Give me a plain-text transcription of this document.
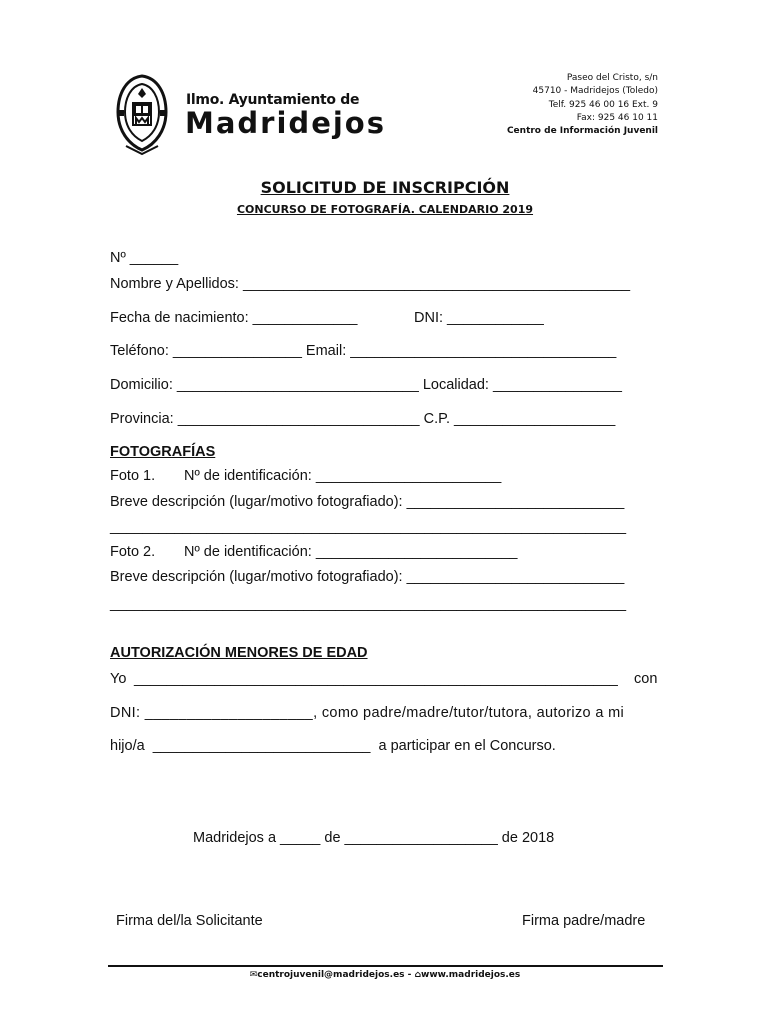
Ilmo. Ayuntamiento de
Madridejos
Paseo del Cristo, s/n
45710 - Madridejos (Toledo)
Telf. 925 46 00 16 Ext. 9
Fax: 925 46 10 11
Centro de Información Juvenil
SOLICITUD DE INSCRIPCIÓN
CONCURSO DE FOTOGRAFÍA. CALENDARIO 2019
Nº ______
Nombre y Apellidos: ________________________________________________
Fecha de nacimiento: _____________	DNI: ____________
Teléfono: ________________ Email: _________________________________
Domicilio: ______________________________ Localidad: ________________
Provincia: ______________________________ C.P. ____________________
FOTOGRAFÍAS
Foto 1. Nº de identificación: _______________________
Breve descripción (lugar/motivo fotografiado): ___________________________
________________________________________________________________
Foto 2. Nº de identificación: _________________________
Breve descripción (lugar/motivo fotografiado): ___________________________
________________________________________________________________
AUTORIZACIÓN MENORES DE EDAD
Yo ____________________________________________________________ con
DNI: ____________________, como padre/madre/tutor/tutora, autorizo a mi
hijo/a  ___________________________  a participar en el Concurso.
Madridejos a _____ de ___________________ de 2018
Firma del/la Solicitante	Firma padre/madre
✉centrojuvenil@madridejos.es - ⌂www.madridejos.es
